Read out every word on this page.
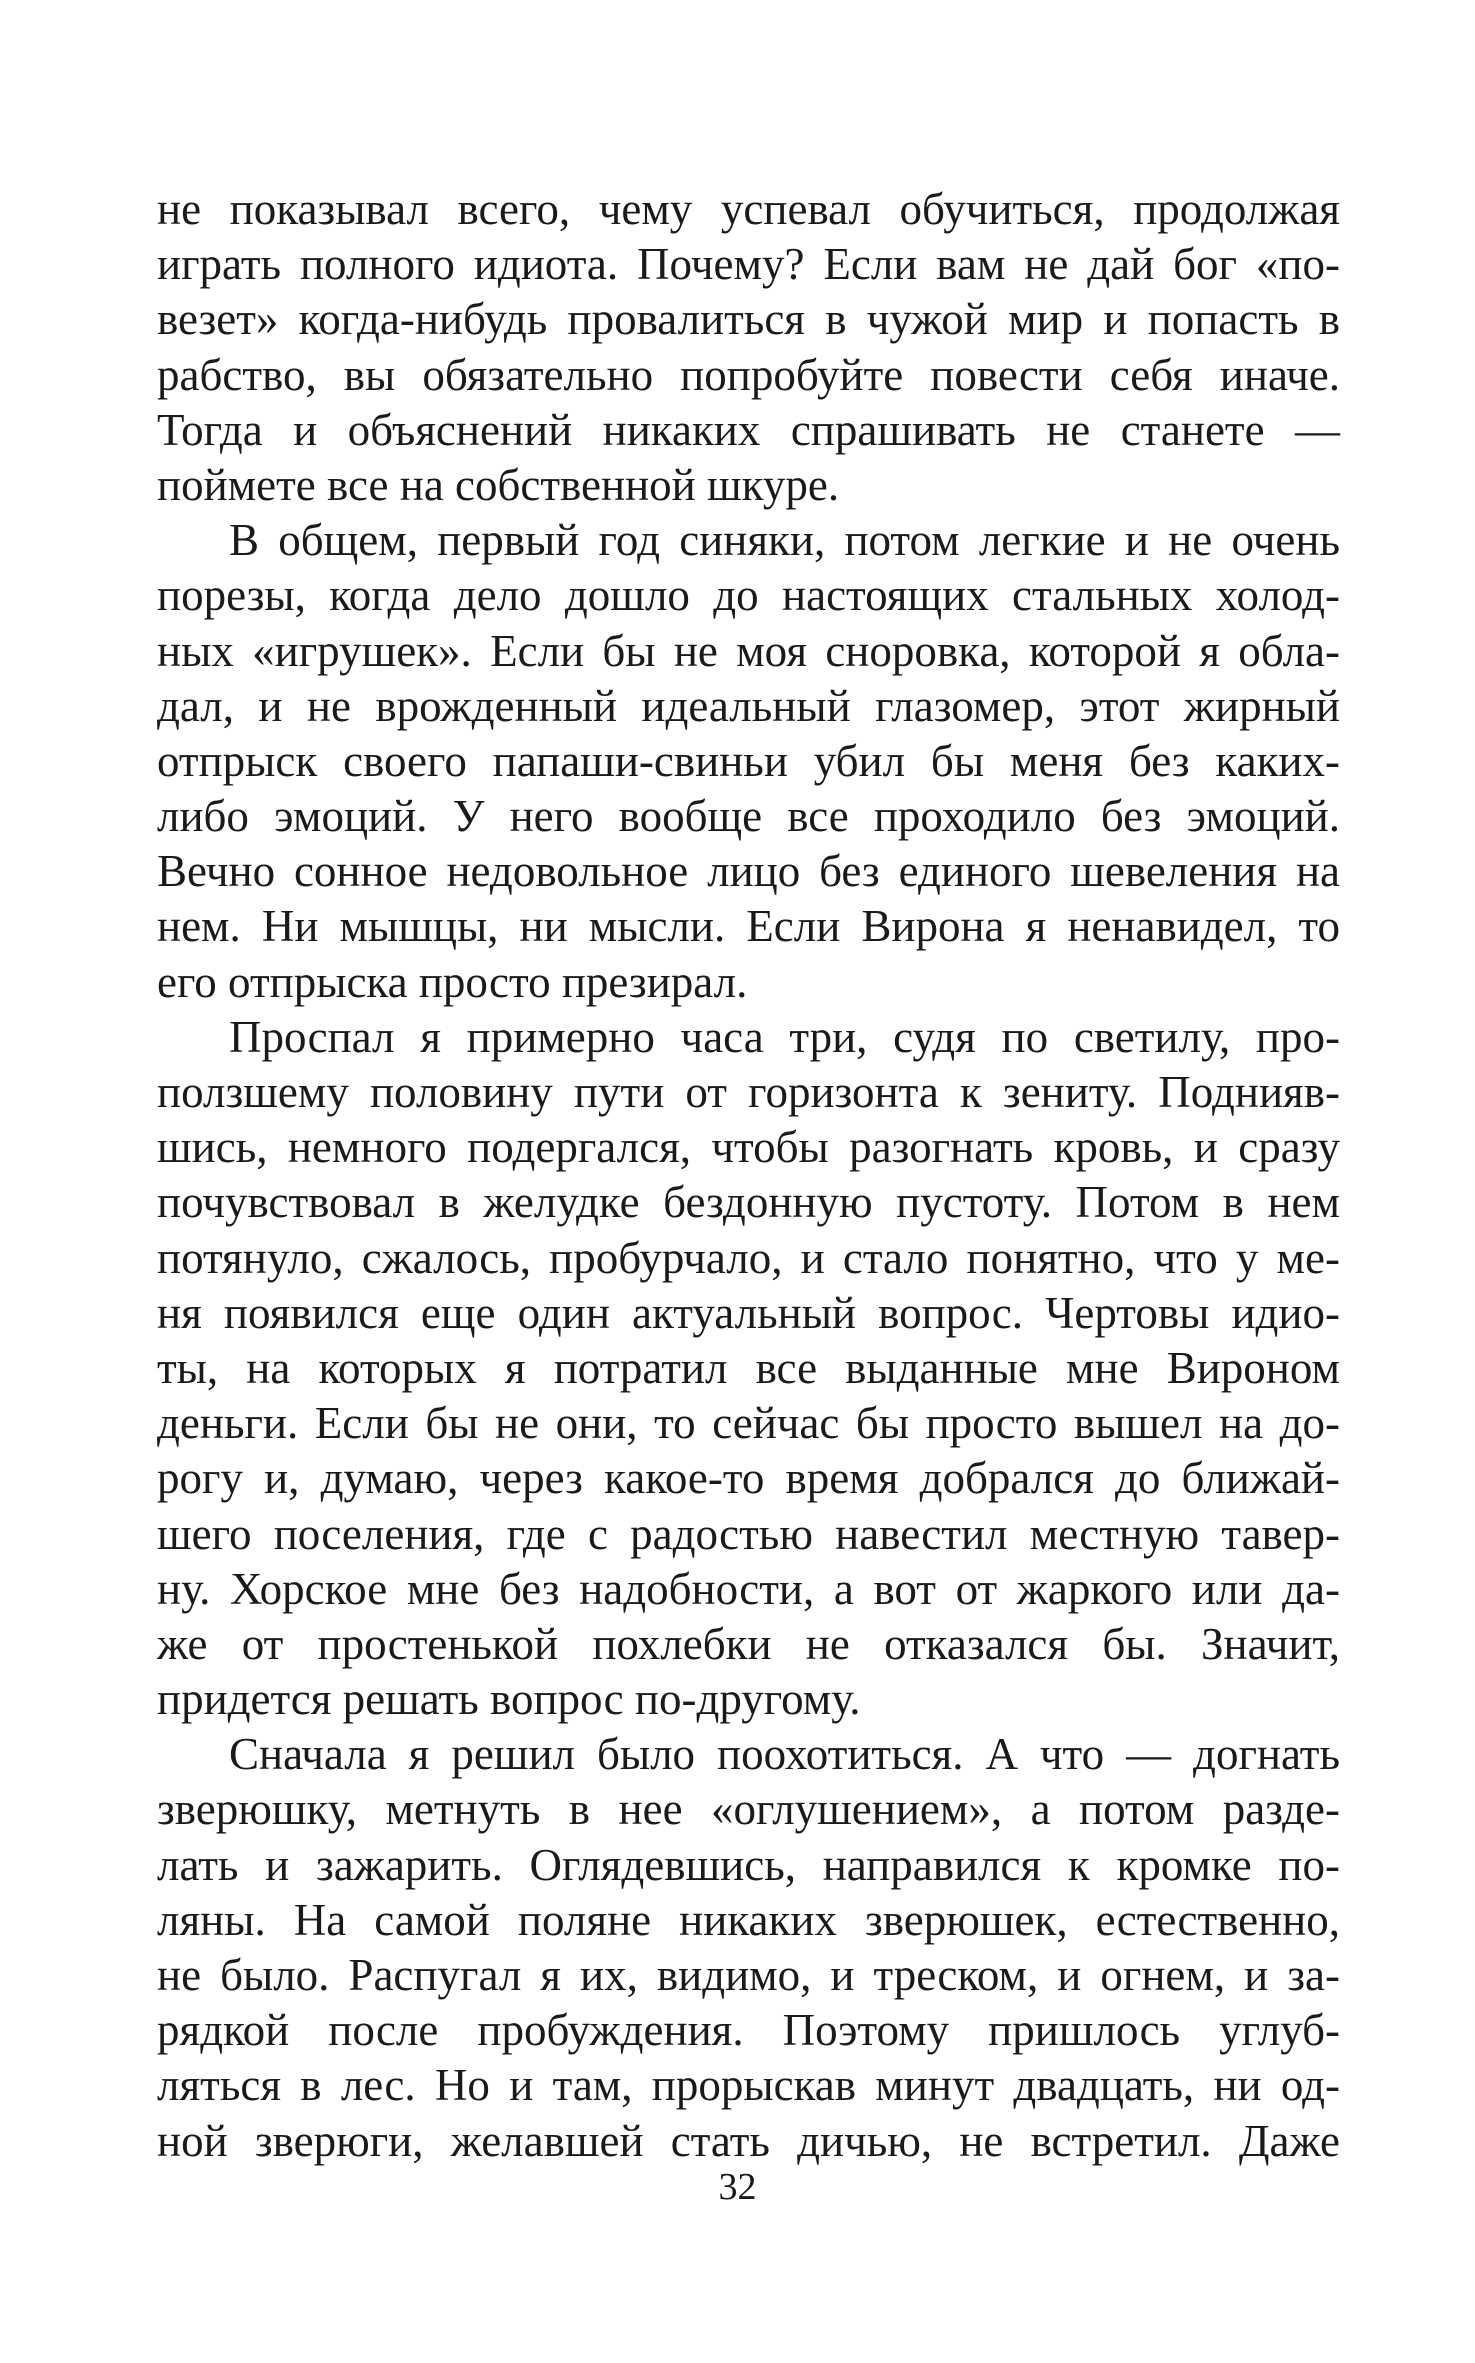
не показывал всего, чему успевал обучиться, продолжая
играть полного идиота. Почему? Если вам не дай бог «по-
везет» когда-нибудь провалиться в чужой мир и попасть в
рабство, вы обязательно попробуйте повести себя иначе.
Тогда и объяснений никаких спрашивать не станете —
поймете все на собственной шкуре.
В общем, первый год синяки, потом легкие и не очень
порезы, когда дело дошло до настоящих стальных холод-
ных «игрушек». Если бы не моя сноровка, которой я обла-
дал, и не врожденный идеальный глазомер, этот жирный
отпрыск своего папаши-свиньи убил бы меня без каких-
либо эмоций. У него вообще все проходило без эмоций.
Вечно сонное недовольное лицо без единого шевеления на
нем. Ни мышцы, ни мысли. Если Вирона я ненавидел, то
его отпрыска просто презирал.
Проспал я примерно часа три, судя по светилу, про-
ползшему половину пути от горизонта к зениту. Поднияв-
шись, немного подергался, чтобы разогнать кровь, и сразу
почувствовал в желудке бездонную пустоту. Потом в нем
потянуло, сжалось, пробурчало, и стало понятно, что у ме-
ня появился еще один актуальный вопрос. Чертовы идио-
ты, на которых я потратил все выданные мне Вироном
деньги. Если бы не они, то сейчас бы просто вышел на до-
рогу и, думаю, через какое-то время добрался до ближай-
шего поселения, где с радостью навестил местную тавер-
ну. Хорское мне без надобности, а вот от жаркого или да-
же от простенькой похлебки не отказался бы. Значит,
придется решать вопрос по-другому.
Сначала я решил было поохотиться. А что — догнать
зверюшку, метнуть в нее «оглушением», а потом разде-
лать и зажарить. Оглядевшись, направился к кромке по-
ляны. На самой поляне никаких зверюшек, естественно,
не было. Распугал я их, видимо, и треском, и огнем, и за-
рядкой после пробуждения. Поэтому пришлось углуб-
ляться в лес. Но и там, прорыскав минут двадцать, ни од-
ной зверюги, желавшей стать дичью, не встретил. Даже
32
